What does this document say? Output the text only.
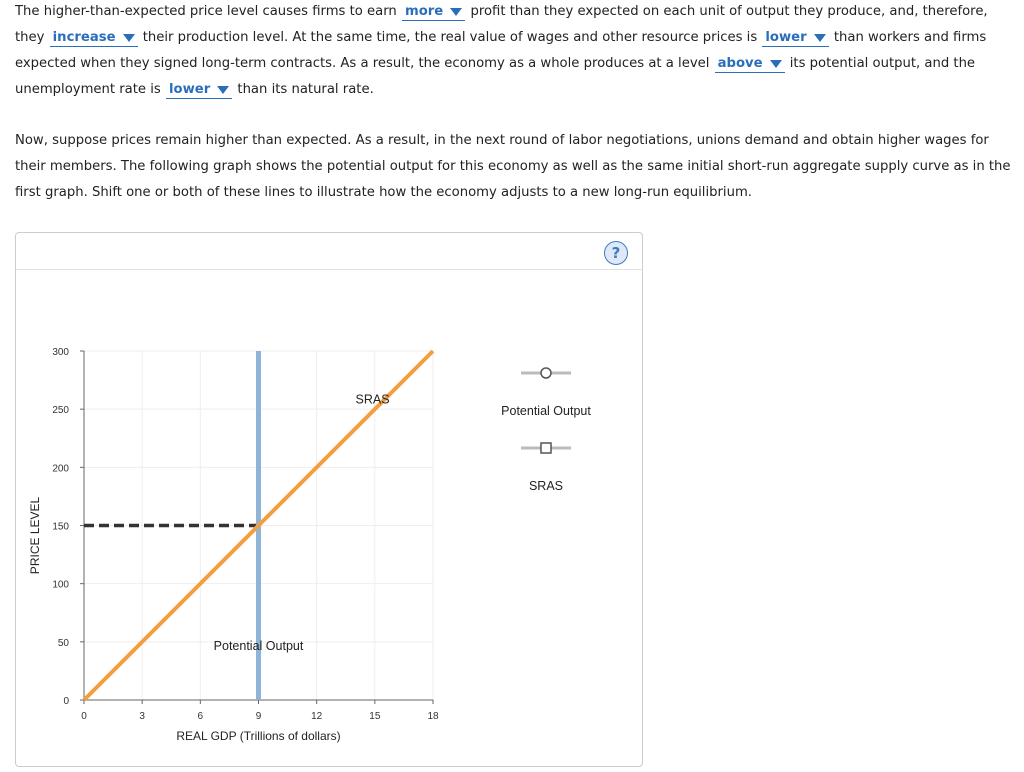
The higher-than-expected price level causes firms to earn more profit than they expected on each unit of output they produce, and, therefore,
they increase their production level. At the same time, the real value of wages and other resource prices is lower than workers and firms
expected when they signed long-term contracts. As a result, the economy as a whole produces at a level above its potential output, and the
unemployment rate is lower than its natural rate.
Now, suppose prices remain higher than expected. As a result, in the next round of labor negotiations, unions demand and obtain higher wages for
their members. The following graph shows the potential output for this economy as well as the same initial short-run aggregate supply curve as in the
first graph. Shift one or both of these lines to illustrate how the economy adjusts to a new long-run equilibrium.
?
0	3	6	9	12	15	18
0
50
100
150
200
250
300
REAL GDP (Trillions of dollars)
PRICE LEVEL
SRAS
Potential Output
Potential Output
SRAS
